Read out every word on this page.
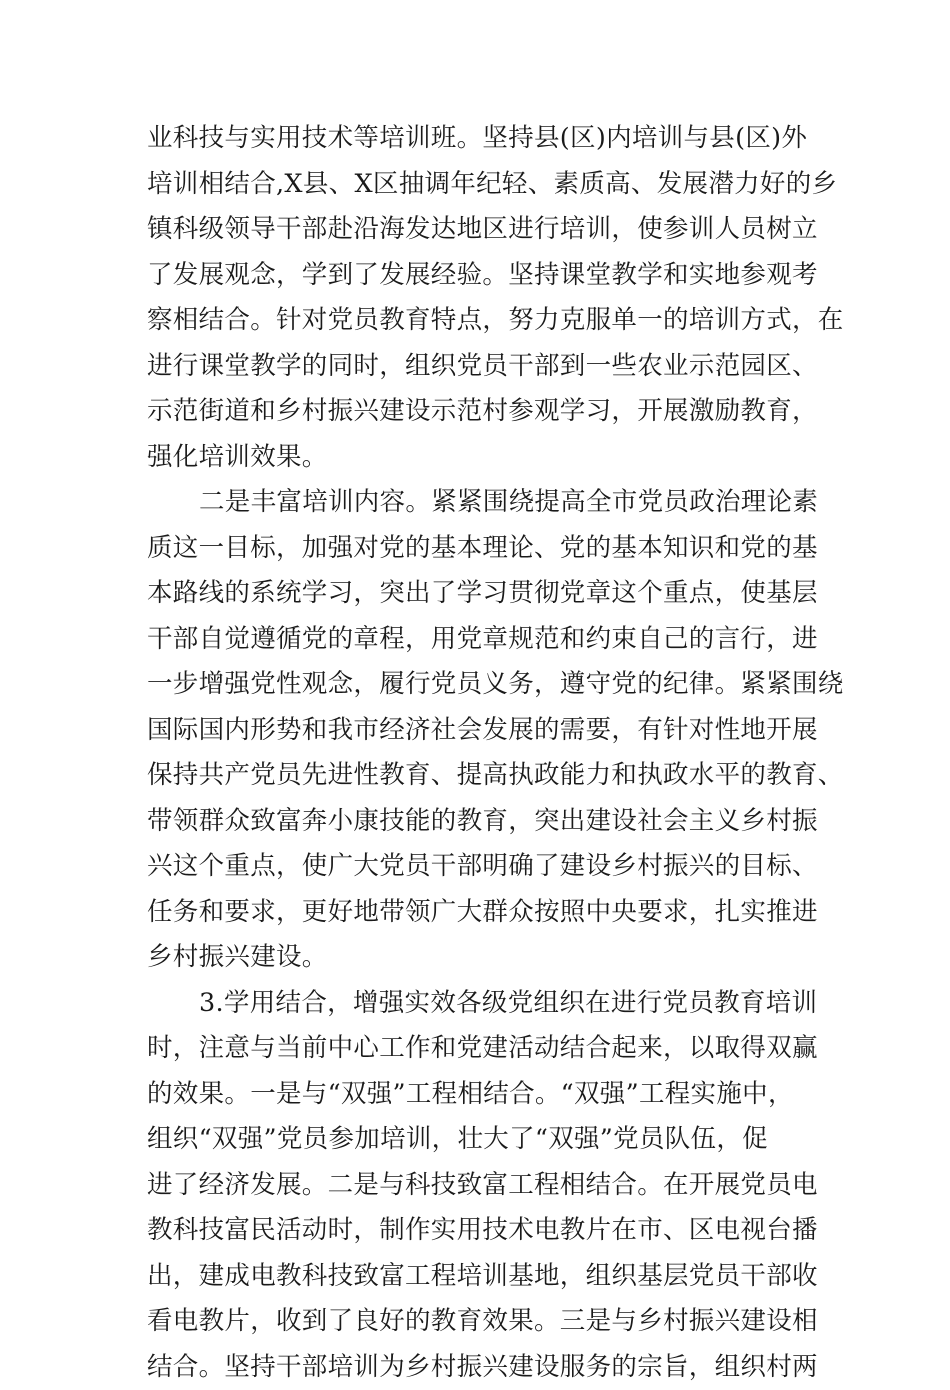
业科技与实用技术等培训班。坚持县(区)内培训与县(区)外
培训相结合,X县、X区抽调年纪轻、素质高、发展潜力好的乡
镇科级领导干部赴沿海发达地区进行培训，使参训人员树立
了发展观念，学到了发展经验。坚持课堂教学和实地参观考
察相结合。针对党员教育特点，努力克服单一的培训方式，在
进行课堂教学的同时，组织党员干部到一些农业示范园区、
示范街道和乡村振兴建设示范村参观学习，开展激励教育，
强化培训效果。
二是丰富培训内容。紧紧围绕提高全市党员政治理论素
质这一目标，加强对党的基本理论、党的基本知识和党的基
本路线的系统学习，突出了学习贯彻党章这个重点，使基层
干部自觉遵循党的章程，用党章规范和约束自己的言行，进
一步增强党性观念，履行党员义务，遵守党的纪律。紧紧围绕
国际国内形势和我市经济社会发展的需要，有针对性地开展
保持共产党员先进性教育、提高执政能力和执政水平的教育、
带领群众致富奔小康技能的教育，突出建设社会主义乡村振
兴这个重点，使广大党员干部明确了建设乡村振兴的目标、
任务和要求，更好地带领广大群众按照中央要求，扎实推进
乡村振兴建设。
3.学用结合，增强实效各级党组织在进行党员教育培训
时，注意与当前中心工作和党建活动结合起来，以取得双赢
的效果。一是与“双强”工程相结合。“双强”工程实施中，
组织“双强”党员参加培训，壮大了“双强”党员队伍，促
进了经济发展。二是与科技致富工程相结合。在开展党员电
教科技富民活动时，制作实用技术电教片在市、区电视台播
出，建成电教科技致富工程培训基地，组织基层党员干部收
看电教片，收到了良好的教育效果。三是与乡村振兴建设相
结合。坚持干部培训为乡村振兴建设服务的宗旨，组织村两
